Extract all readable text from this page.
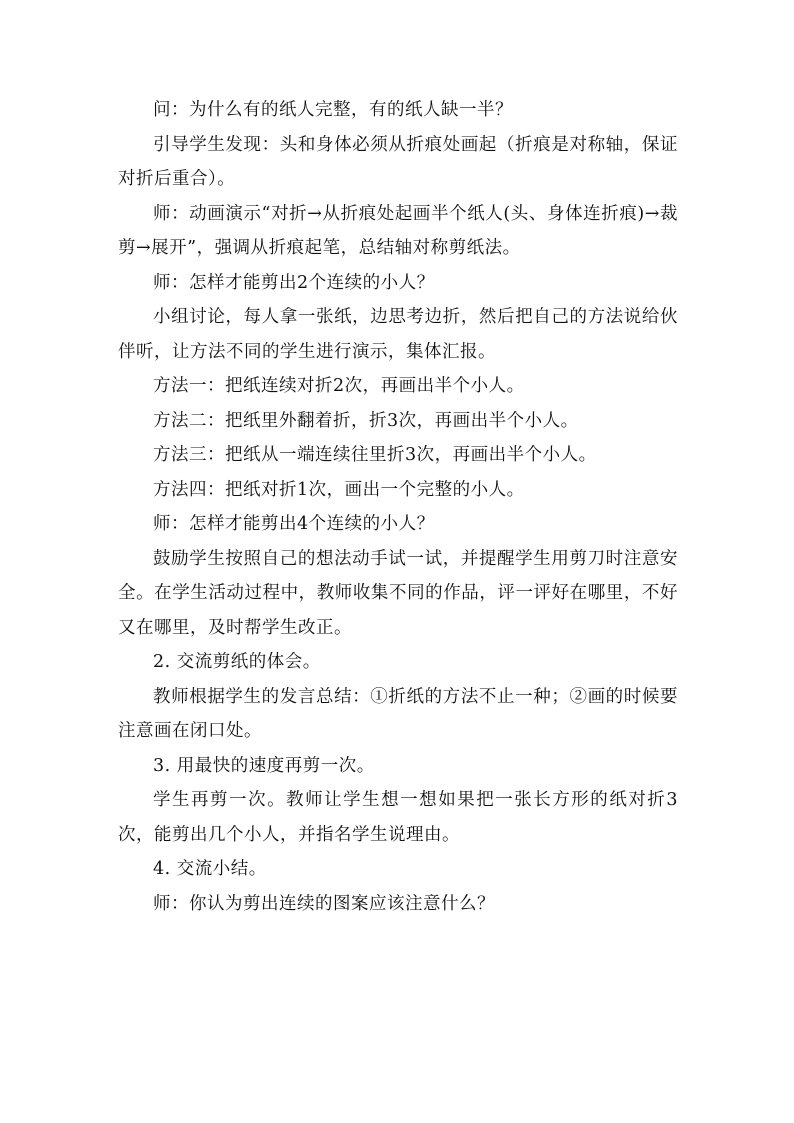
问：为什么有的纸人完整，有的纸人缺一半？

引导学生发现：头和身体必须从折痕处画起（折痕是对称轴，保证对折后重合）。

师：动画演示“对折→从折痕处起画半个纸人(头、身体连折痕)→裁剪→展开”，强调从折痕起笔，总结轴对称剪纸法。

师：怎样才能剪出2个连续的小人？

小组讨论，每人拿一张纸，边思考边折，然后把自己的方法说给伙伴听，让方法不同的学生进行演示，集体汇报。

方法一：把纸连续对折2次，再画出半个小人。

方法二：把纸里外翻着折，折3次，再画出半个小人。

方法三：把纸从一端连续往里折3次，再画出半个小人。

方法四：把纸对折1次，画出一个完整的小人。

师：怎样才能剪出4个连续的小人？

鼓励学生按照自己的想法动手试一试，并提醒学生用剪刀时注意安全。在学生活动过程中，教师收集不同的作品，评一评好在哪里，不好又在哪里，及时帮学生改正。

2. 交流剪纸的体会。

教师根据学生的发言总结：①折纸的方法不止一种；②画的时候要注意画在闭口处。

3. 用最快的速度再剪一次。

学生再剪一次。教师让学生想一想如果把一张长方形的纸对折3次，能剪出几个小人，并指名学生说理由。

4. 交流小结。

师：你认为剪出连续的图案应该注意什么？
